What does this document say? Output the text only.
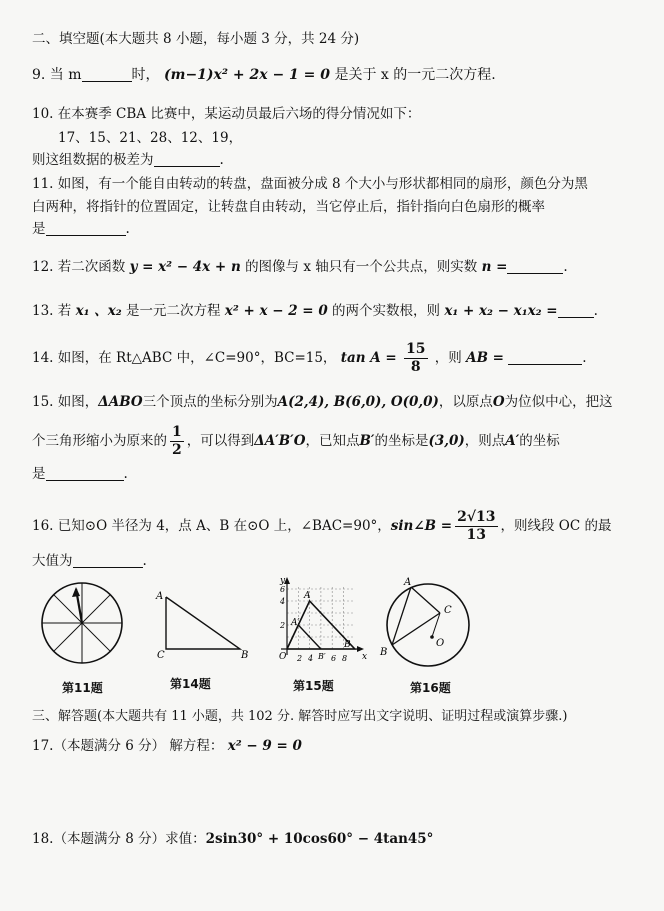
二、填空题(本大题共 8 小题，每小题 3 分，共 24 分)
9. 当 m	时， (m−1)x² + 2x − 1 = 0 是关于 x 的一元二次方程.
10. 在本赛季 CBA 比赛中，某运动员最后六场的得分情况如下：
17、15、21、28、12、19，
则这组数据的极差为	.
11. 如图，有一个能自由转动的转盘，盘面被分成 8 个大小与形状都相同的扇形，颜色分为黑
白两种，将指针的位置固定，让转盘自由转动，当它停止后，指针指向白色扇形的概率
是	.
12. 若二次函数 y = x² − 4x + n 的图像与 x 轴只有一个公共点，则实数 n =	.
13. 若 x₁ 、x₂ 是一元二次方程 x² + x − 2 = 0 的两个实数根，则 x₁ + x₂ − x₁x₂ =	.
14. 如图，在 Rt△ABC 中，∠C=90°，BC=15， $\tan A = \frac{15}{8}$ ，则 AB =	.
15. 如图，ΔABO三个顶点的坐标分别为A(2,4), B(6,0), O(0,0)，以原点O为位似中心，把这
个三角形缩小为原来的 $\frac{1}{2}$ ，可以得到ΔA′B′O，已知点B′的坐标是(3,0)，则点A′的坐标
是	.
16. 已知⊙O 半径为 4，点 A、B 在⊙O 上，∠BAC=90°，sin∠B = $\frac{2√13}{13}$ ，则线段 OC 的最
大值为	.
A
C	B
y
x
O
A
A′
B
B′
2 4 6 8
2
4
6
A
C
B
O
第11题	第14题	第15题	第16题
三、解答题(本大题共有 11 小题，共 102 分. 解答时应写出文字说明、证明过程或演算步骤.)
17.（本题满分 6 分） 解方程： x² − 9 = 0
18.（本题满分 8 分）求值：2sin30° + 10cos60° − 4tan45°
